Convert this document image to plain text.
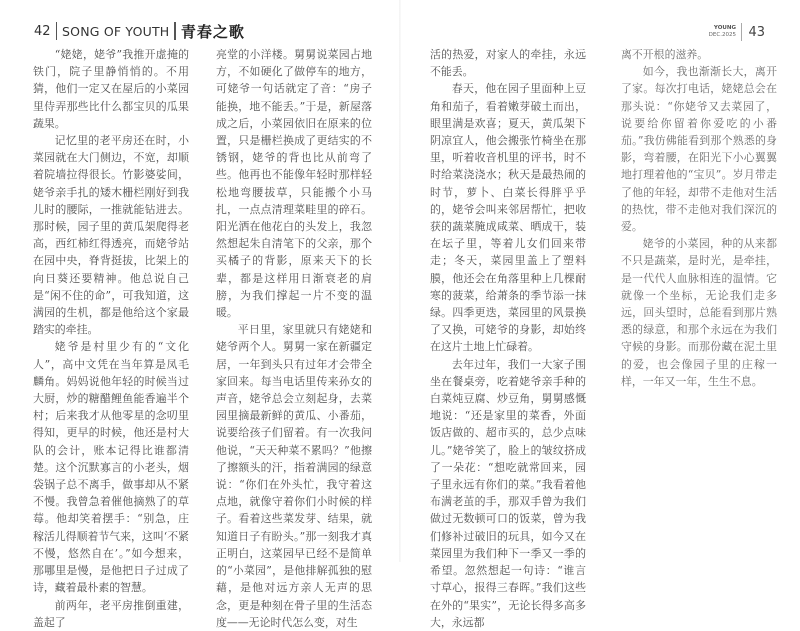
42 SONG OF YOUTH 青春之歌	YOUNG
DEC.2025 43

“姥姥，姥爷”我推开虚掩的铁门，院子里静悄悄的。不用猜，他们一定又在屋后的小菜园里侍弄那些比什么都宝贝的瓜果蔬果。

记忆里的老平房还在时，小菜园就在大门侧边，不宽，却顺着院墙拉得很长。竹影婆娑间，姥爷亲手扎的矮木栅栏刚好到我儿时的腰际，一推就能钻进去。那时候，园子里的黄瓜架爬得老高，西红柿红得透亮，而姥爷站在园中央，脊背挺拔，比架上的向日葵还要精神。他总说自己是“闲不住的命”，可我知道，这满园的生机，都是他给这个家最踏实的牵挂。

姥爷是村里少有的“文化人”，高中文凭在当年算是凤毛麟角。妈妈说他年轻的时候当过大厨，炒的糖醋鲤鱼能香遍半个村；后来我才从他零星的念叨里得知，更早的时候，他还是村大队的会计，账本记得比谁都清楚。这个沉默寡言的小老头，烟袋锅子总不离手，做事却从不紧不慢。我曾急着催他摘熟了的草莓。他却笑着摆手：“别急，庄稼活儿得顺着节气来，这叫‘不紧不慢，悠然自在’。”如今想来，那哪里是慢，是他把日子过成了诗，藏着最朴素的智慧。

前两年，老平房推倒重建，盖起了

亮堂的小洋楼。舅舅说菜园占地方，不如硬化了做停车的地方，可姥爷一句话就定了音：“房子能换，地不能丢。”于是，新屋落成之后，小菜园依旧在原来的位置，只是栅栏换成了更结实的不锈钢，姥爷的背也比从前弯了些。他再也不能像年轻时那样轻松地弯腰拔草，只能搬个小马扎，一点点清理菜畦里的碎石。阳光洒在他花白的头发上，我忽然想起朱自清笔下的父亲，那个买橘子的背影，原来天下的长辈，都是这样用日渐衰老的肩膀，为我们撑起一片不变的温暖。

平日里，家里就只有姥姥和姥爷两个人。舅舅一家在新疆定居，一年到头只有过年才会带全家回来。每当电话里传来孙女的声音，姥爷总会立刻起身，去菜园里摘最新鲜的黄瓜、小番茄，说要给孩子们留着。有一次我问他说，“天天种菜不累吗？”他擦了擦额头的汗，指着满园的绿意说：“你们在外头忙，我守着这点地，就像守着你们小时候的样子。看着这些菜发芽、结果，就知道日子有盼头。”那一刻我才真正明白，这菜园早已经不是简单的“小菜园”，是他排解孤独的慰藉，是他对远方亲人无声的思念，更是种刻在骨子里的生活态度——无论时代怎么变，对生

活的热爱，对家人的牵挂，永远不能丢。

春天，他在园子里面种上豆角和茄子，看着嫩芽破土而出，眼里满是欢喜；夏天，黄瓜架下阴凉宜人，他会搬张竹椅坐在那里，听着收音机里的评书，时不时给菜浇浇水；秋天是最热闹的时节，萝卜、白菜长得胖乎乎的，姥爷会叫来邻居帮忙，把收获的蔬菜腌成咸菜、晒成干，装在坛子里，等着儿女们回来带走；冬天，菜园里盖上了塑料膜，他还会在角落里种上几棵耐寒的菠菜，给萧条的季节添一抹绿。四季更迭，菜园里的风景换了又换，可姥爷的身影，却始终在这片土地上忙碌着。

去年过年，我们一大家子围坐在餐桌旁，吃着姥爷亲手种的白菜炖豆腐、炒豆角，舅舅感慨地说：“还是家里的菜香，外面饭店做的、超市买的，总少点味儿。”姥爷笑了，脸上的皱纹挤成了一朵花：“想吃就常回来，园子里永远有你们的菜。”我看着他布满老茧的手，那双手曾为我们做过无数顿可口的饭菜，曾为我们修补过破旧的玩具，如今又在菜园里为我们种下一季又一季的希望。忽然想起一句诗：“谁言寸草心，报得三春晖。”我们这些在外的“果实”，无论长得多高多大，永远都

离不开根的滋养。

如今，我也渐渐长大，离开了家。每次打电话，姥姥总会在那头说：“你姥爷又去菜园了，说要给你留着你爱吃的小番茄。”我仿佛能看到那个熟悉的身影，弯着腰，在阳光下小心翼翼地打理着他的“宝贝”。岁月带走了他的年轻，却带不走他对生活的热忱，带不走他对我们深沉的爱。

姥爷的小菜园，种的从来都不只是蔬菜，是时光，是牵挂，是一代代人血脉相连的温情。它就像一个坐标，无论我们走多远，回头望时，总能看到那片熟悉的绿意，和那个永远在为我们守候的身影。而那份藏在泥土里的爱，也会像园子里的庄稼一样，一年又一年，生生不息。
